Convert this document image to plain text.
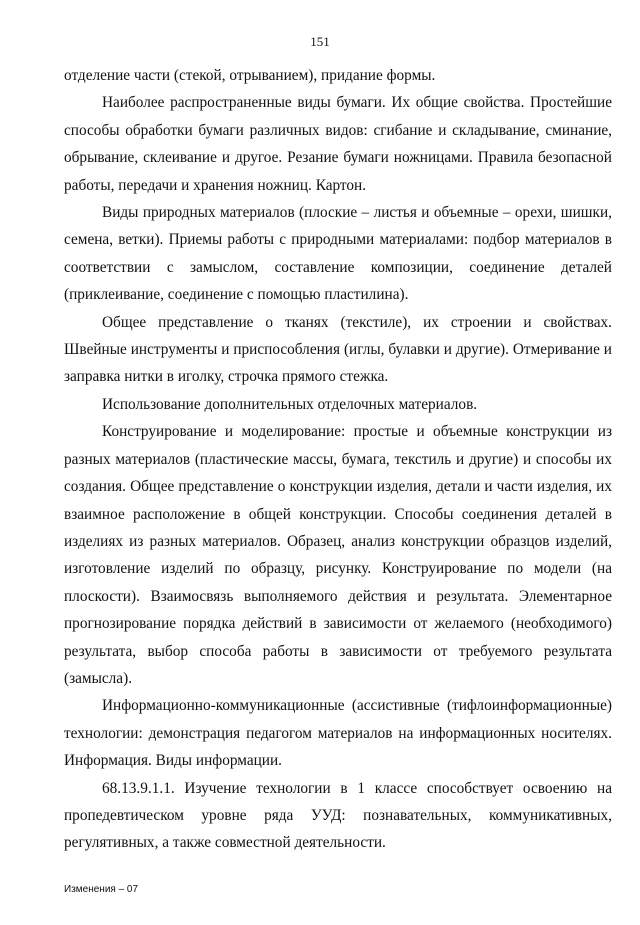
151

отделение части (стекой, отрыванием), придание формы.

Наиболее распространенные виды бумаги. Их общие свойства. Простейшие способы обработки бумаги различных видов: сгибание и складывание, сминание, обрывание, склеивание и другое. Резание бумаги ножницами. Правила безопасной работы, передачи и хранения ножниц. Картон.

Виды природных материалов (плоские – листья и объемные – орехи, шишки, семена, ветки). Приемы работы с природными материалами: подбор материалов в соответствии с замыслом, составление композиции, соединение деталей (приклеивание, соединение с помощью пластилина).

Общее представление о тканях (текстиле), их строении и свойствах. Швейные инструменты и приспособления (иглы, булавки и другие). Отмеривание и заправка нитки в иголку, строчка прямого стежка.

Использование дополнительных отделочных материалов.

Конструирование и моделирование: простые и объемные конструкции из разных материалов (пластические массы, бумага, текстиль и другие) и способы их создания. Общее представление о конструкции изделия, детали и части изделия, их взаимное расположение в общей конструкции. Способы соединения деталей в изделиях из разных материалов. Образец, анализ конструкции образцов изделий, изготовление изделий по образцу, рисунку. Конструирование по модели (на плоскости). Взаимосвязь выполняемого действия и результата. Элементарное прогнозирование порядка действий в зависимости от желаемого (необходимого) результата, выбор способа работы в зависимости от требуемого результата (замысла).

Информационно-коммуникационные (ассистивные (тифлоинформационные) технологии: демонстрация педагогом материалов на информационных носителях. Информация. Виды информации.

68.13.9.1.1. Изучение технологии в 1 классе способствует освоению на пропедевтическом уровне ряда УУД: познавательных, коммуникативных, регулятивных, а также совместной деятельности.

Изменения – 07
